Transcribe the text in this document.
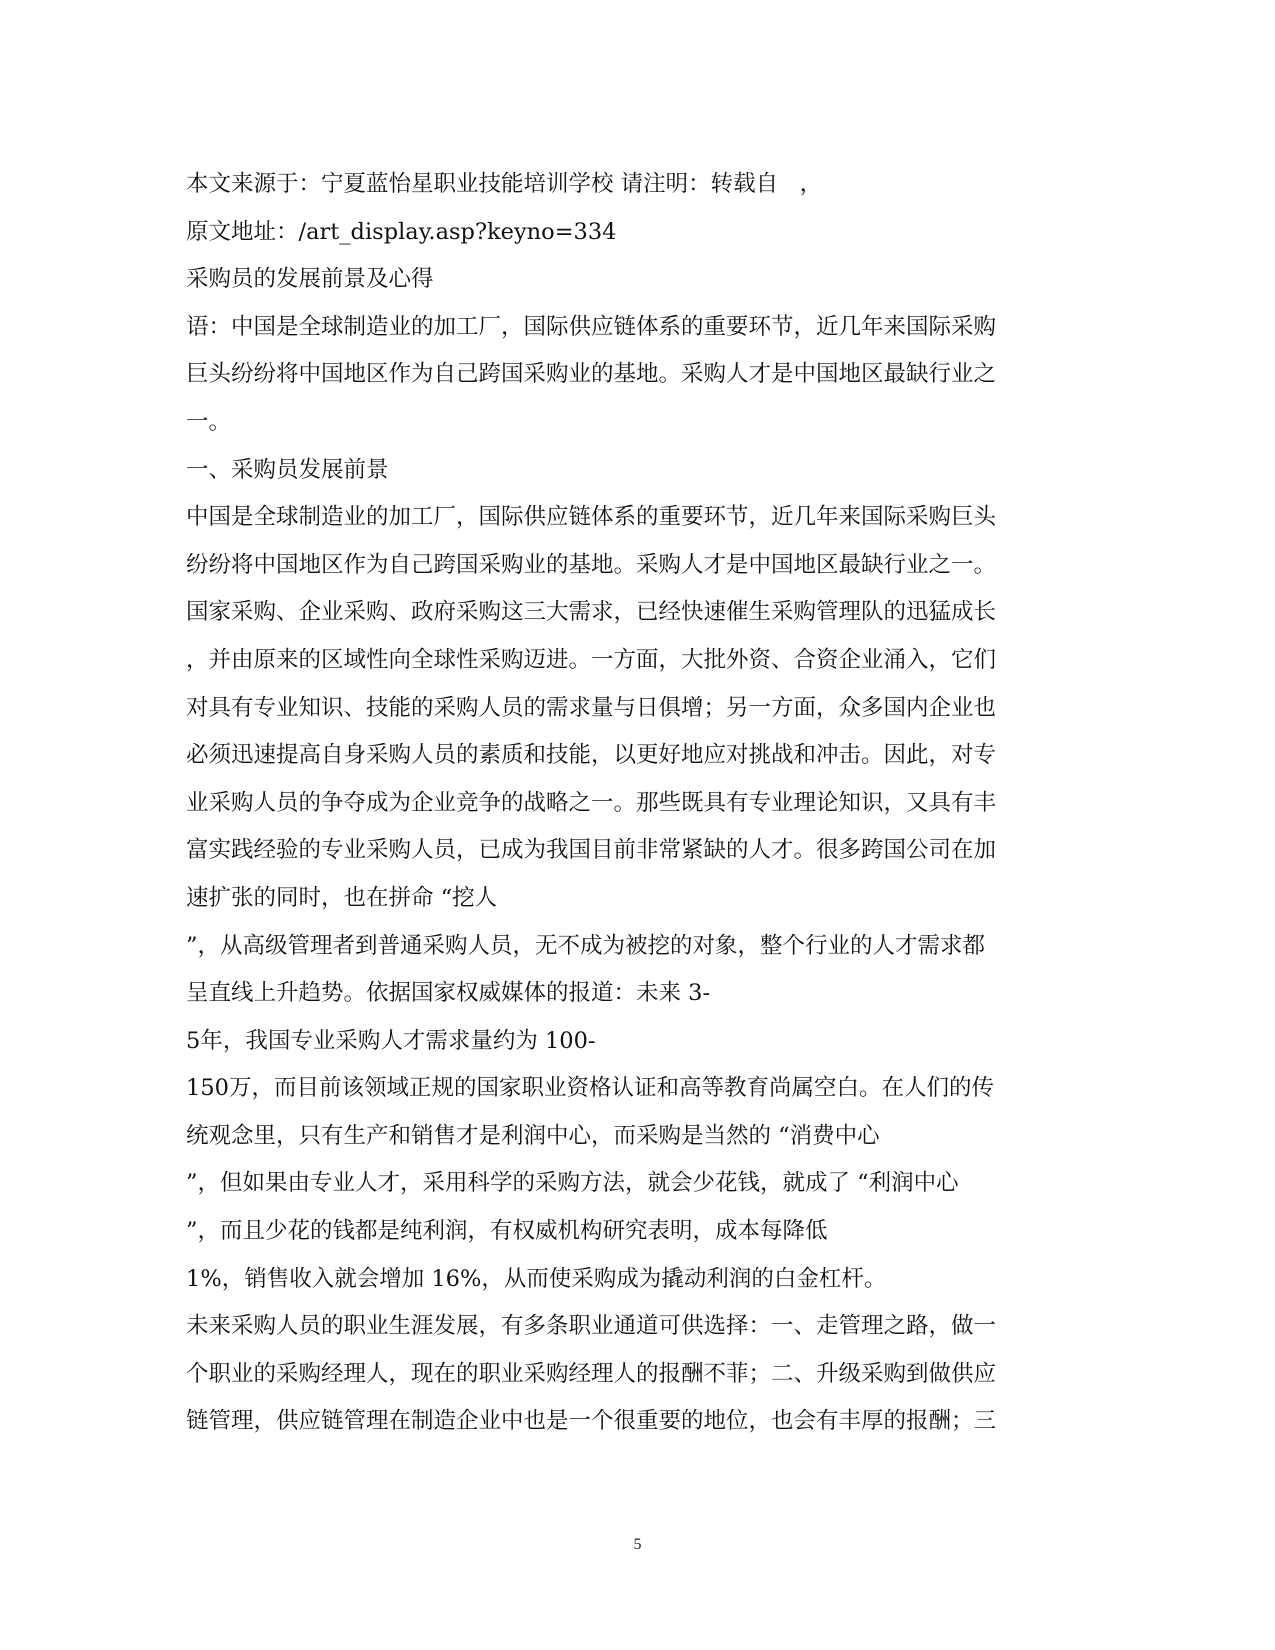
本文来源于：宁夏蓝怡星职业技能培训学校 请注明：转载自   ，
原文地址：/art_display.asp?keyno=334
采购员的发展前景及心得
语：中国是全球制造业的加工厂，国际供应链体系的重要环节，近几年来国际采购
巨头纷纷将中国地区作为自己跨国采购业的基地。采购人才是中国地区最缺行业之
一。
一、采购员发展前景
中国是全球制造业的加工厂，国际供应链体系的重要环节，近几年来国际采购巨头
纷纷将中国地区作为自己跨国采购业的基地。采购人才是中国地区最缺行业之一。
国家采购、企业采购、政府采购这三大需求，已经快速催生采购管理队的迅猛成长
，并由原来的区域性向全球性采购迈进。一方面，大批外资、合资企业涌入，它们
对具有专业知识、技能的采购人员的需求量与日俱增；另一方面，众多国内企业也
必须迅速提高自身采购人员的素质和技能，以更好地应对挑战和冲击。因此，对专
业采购人员的争夺成为企业竞争的战略之一。那些既具有专业理论知识，又具有丰
富实践经验的专业采购人员，已成为我国目前非常紧缺的人才。很多跨国公司在加
速扩张的同时，也在拼命 “挖人
”，从高级管理者到普通采购人员，无不成为被挖的对象，整个行业的人才需求都
呈直线上升趋势。依据国家权威媒体的报道：未来 3-
5年，我国专业采购人才需求量约为 100-
150万，而目前该领域正规的国家职业资格认证和高等教育尚属空白。在人们的传
统观念里，只有生产和销售才是利润中心，而采购是当然的 “消费中心
”，但如果由专业人才，采用科学的采购方法，就会少花钱，就成了 “利润中心
”，而且少花的钱都是纯利润，有权威机构研究表明，成本每降低
1%，销售收入就会增加 16%，从而使采购成为撬动利润的白金杠杆。
未来采购人员的职业生涯发展，有多条职业通道可供选择：一、走管理之路，做一
个职业的采购经理人，现在的职业采购经理人的报酬不菲；二、升级采购到做供应
链管理，供应链管理在制造企业中也是一个很重要的地位，也会有丰厚的报酬；三
5
